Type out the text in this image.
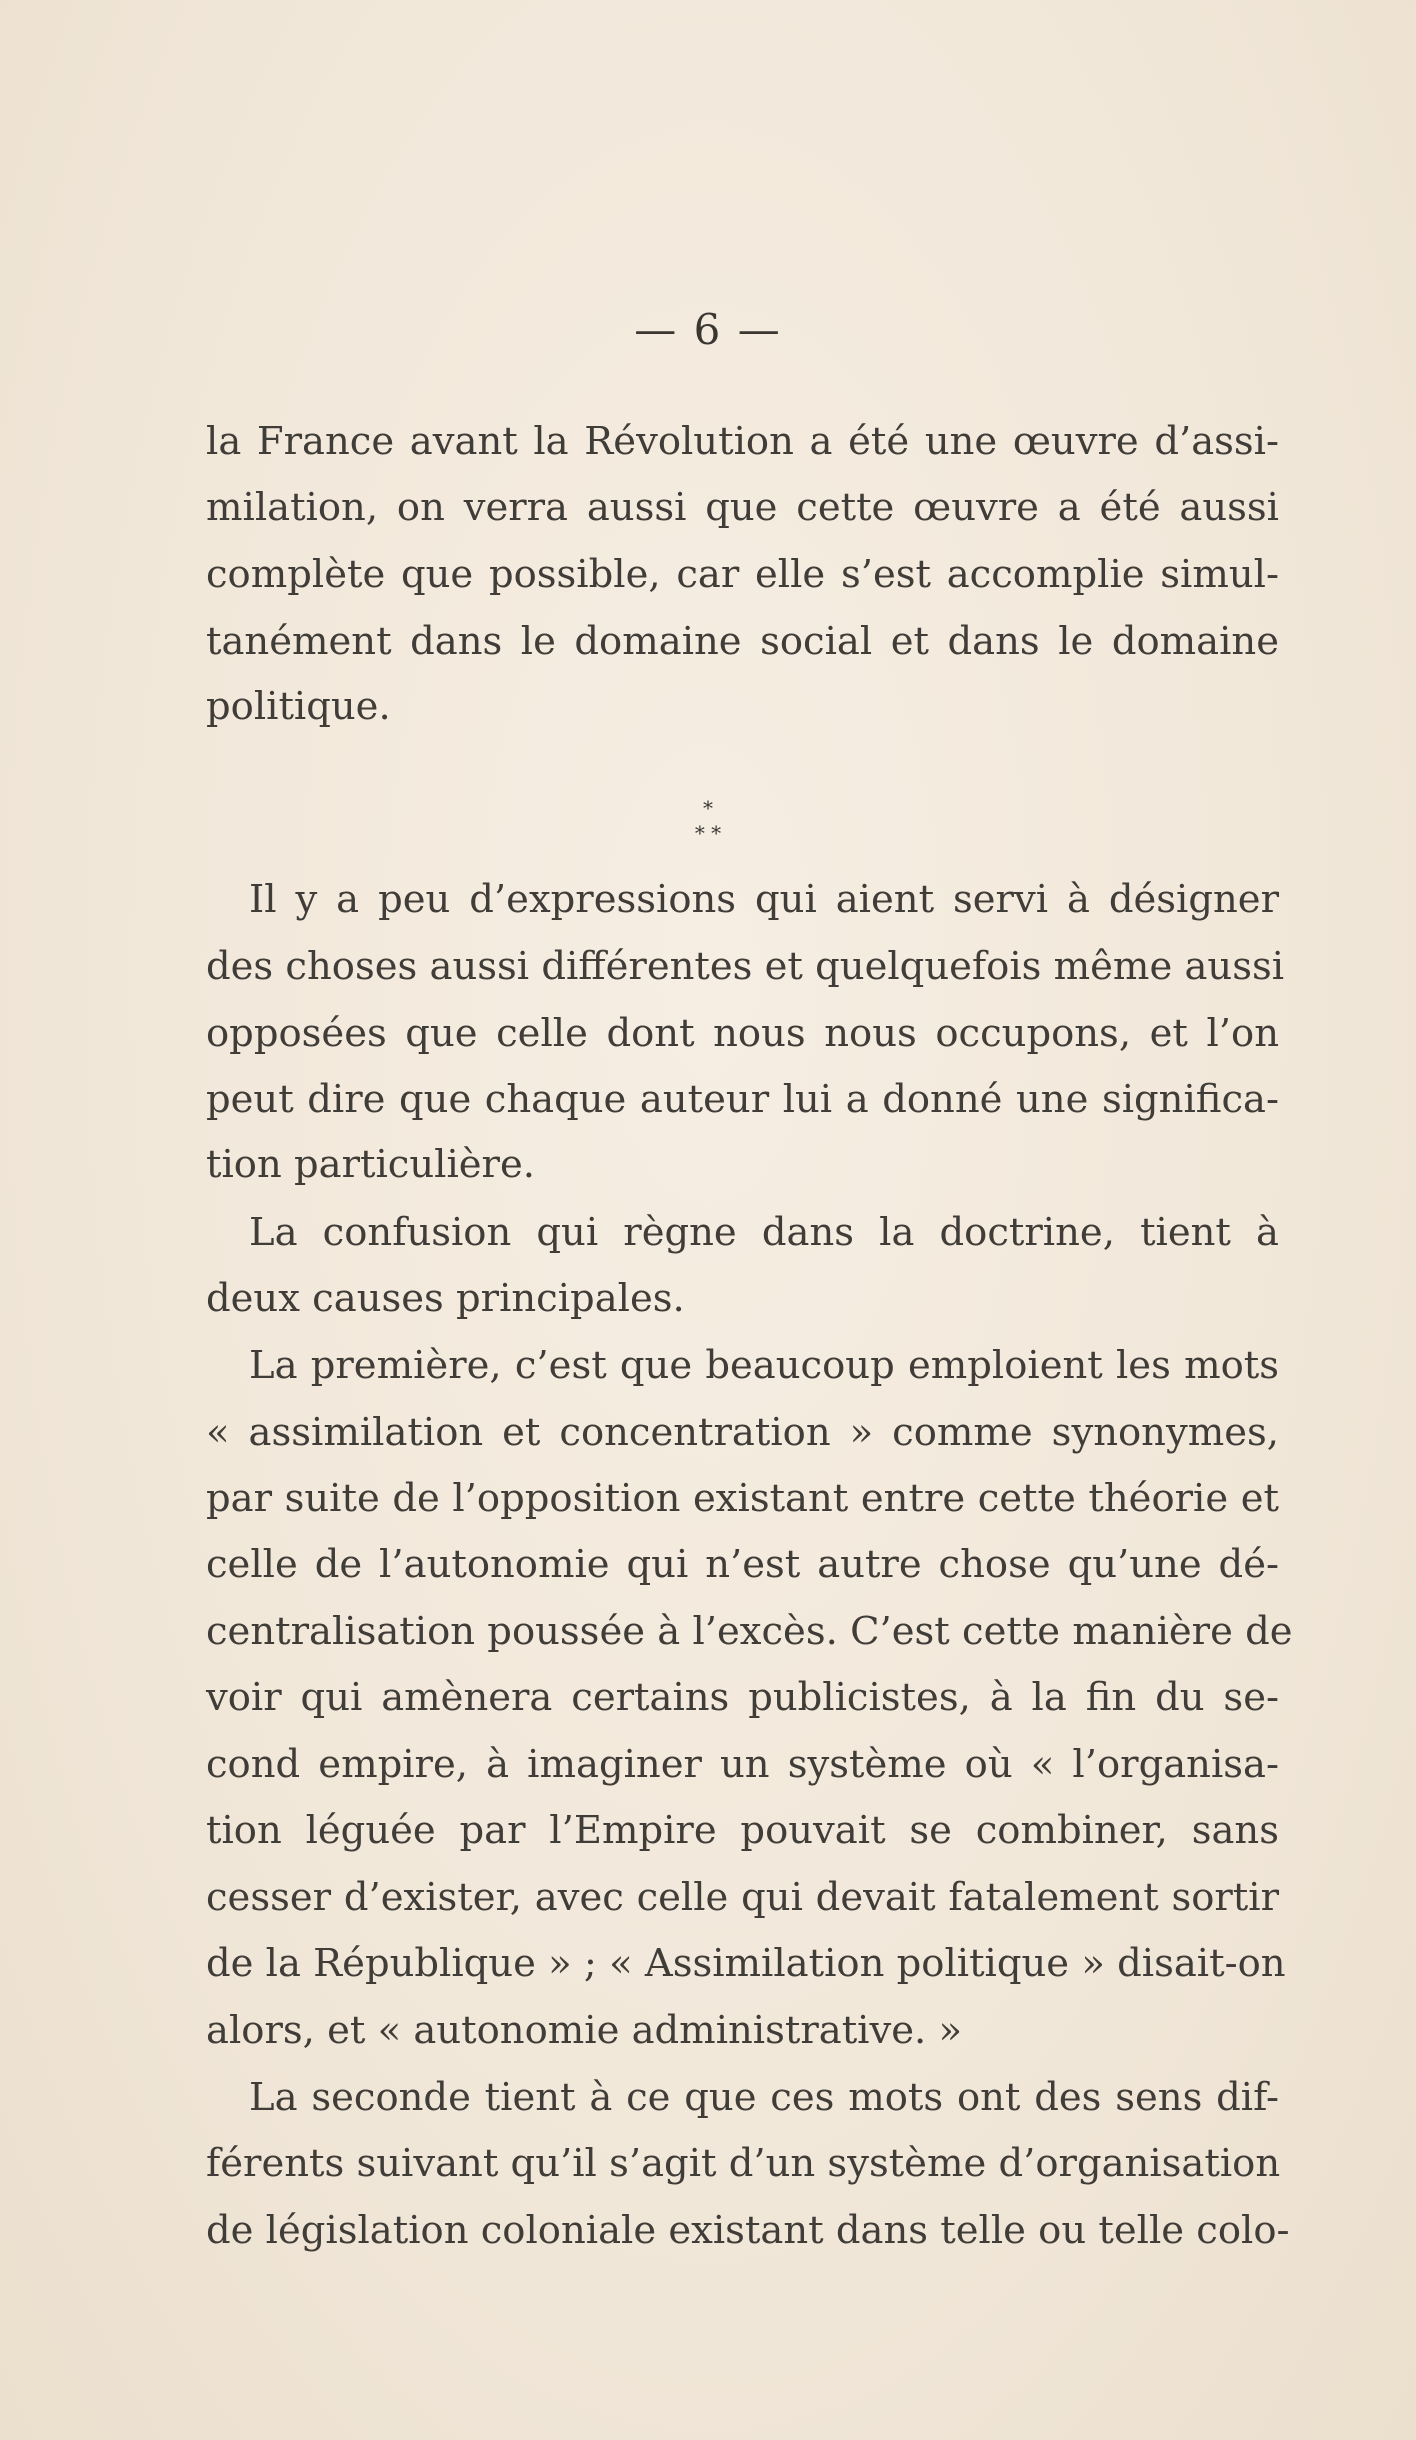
— 6 —
la France avant la Révolution a été une œuvre d’assi-
milation, on verra aussi que cette œuvre a été aussi
complète que possible, car elle s’est accomplie simul-
tanément dans le domaine social et dans le domaine
politique.
Il y a peu d’expressions qui aient servi à désigner
des choses aussi différentes et quelquefois même aussi
opposées que celle dont nous nous occupons, et l’on
peut dire que chaque auteur lui a donné une significa-
tion particulière.
La confusion qui règne dans la doctrine, tient à
deux causes principales.
La première, c’est que beaucoup emploient les mots
« assimilation et concentration » comme synonymes,
par suite de l’opposition existant entre cette théorie et
celle de l’autonomie qui n’est autre chose qu’une dé-
centralisation poussée à l’excès. C’est cette manière de
voir qui amènera certains publicistes, à la fin du se-
cond empire, à imaginer un système où « l’organisa-
tion léguée par l’Empire pouvait se combiner, sans
cesser d’exister, avec celle qui devait fatalement sortir
de la République » ; « Assimilation politique » disait-on
alors, et « autonomie administrative. »
La seconde tient à ce que ces mots ont des sens dif-
férents suivant qu’il s’agit d’un système d’organisation
de législation coloniale existant dans telle ou telle colo-
*
* *
